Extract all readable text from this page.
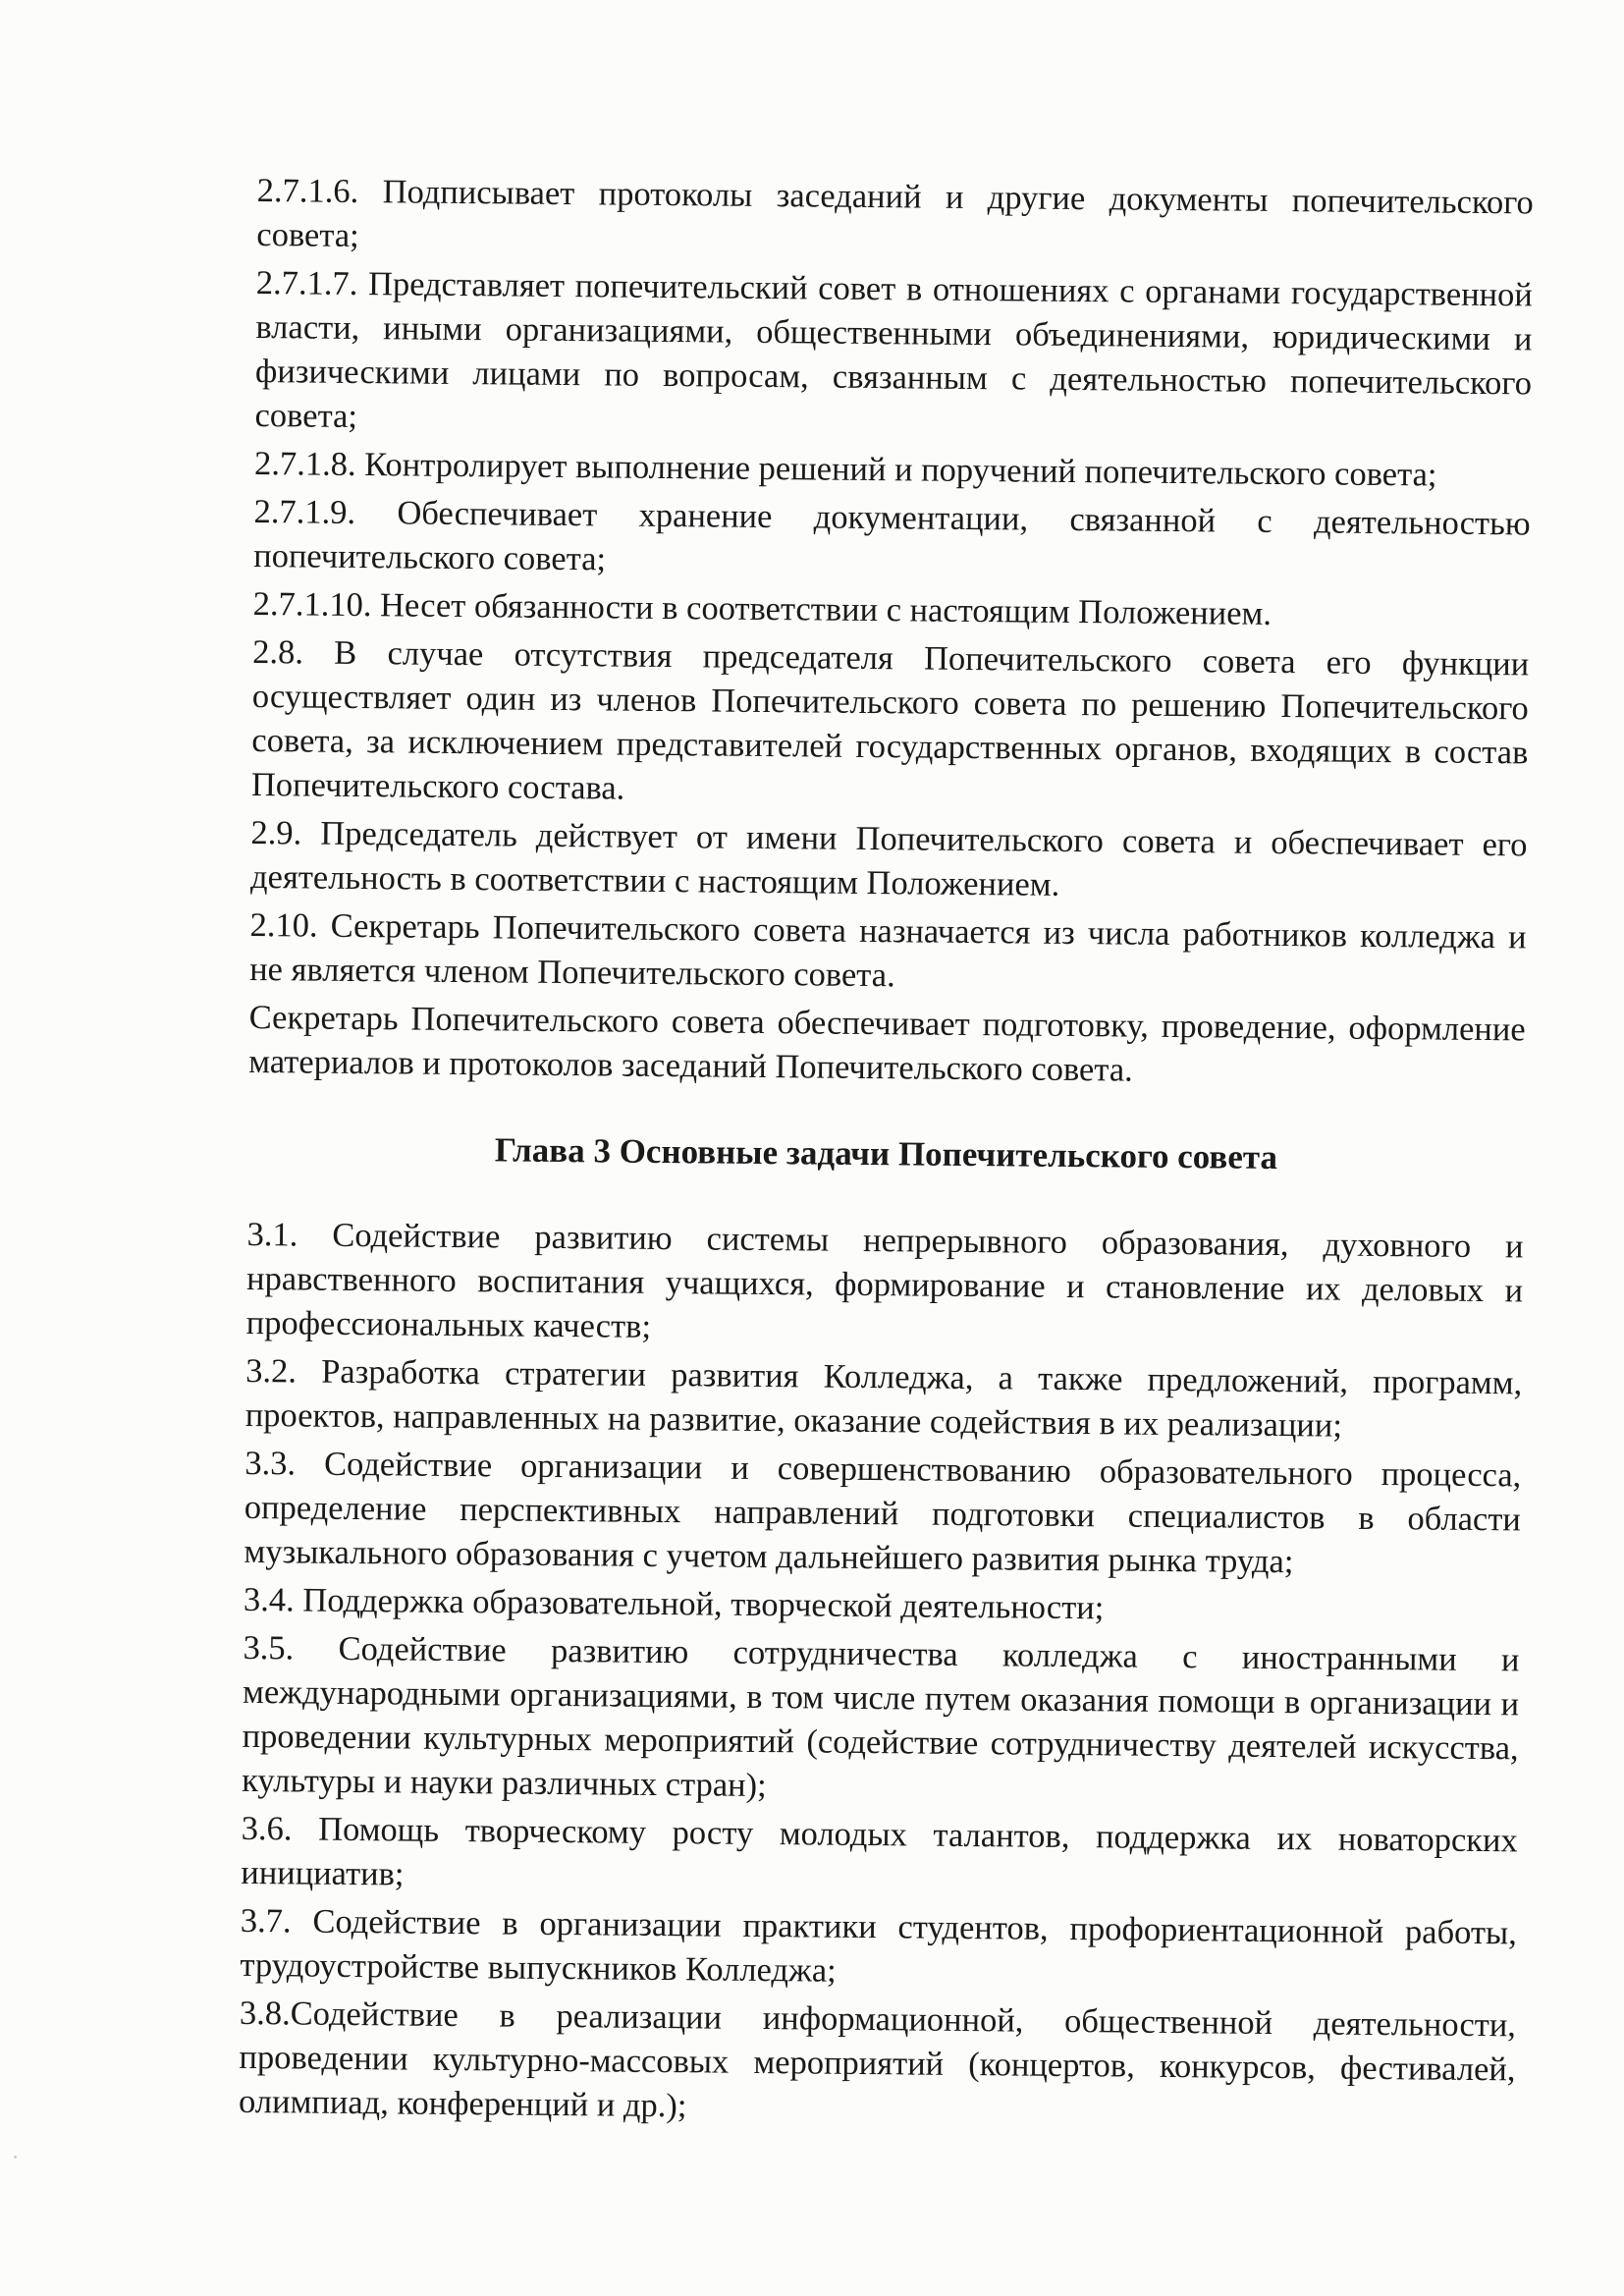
2.7.1.6. Подписывает протоколы заседаний и другие документы попечительского совета;

2.7.1.7. Представляет попечительский совет в отношениях с органами государственной власти, иными организациями, общественными объединениями, юридическими и физическими лицами по вопросам, связанным с деятельностью попечительского совета;

2.7.1.8. Контролирует выполнение решений и поручений попечительского совета;

2.7.1.9. Обеспечивает хранение документации, связанной с деятельностью попечительского совета;

2.7.1.10. Несет обязанности в соответствии с настоящим Положением.

2.8. В случае отсутствия председателя Попечительского совета его функции осуществляет один из членов Попечительского совета по решению Попечительского совета, за исключением представителей государственных органов, входящих в состав Попечительского состава.

2.9. Председатель действует от имени Попечительского совета и обеспечивает его деятельность в соответствии с настоящим Положением.

2.10. Секретарь Попечительского совета назначается из числа работников колледжа и не является членом Попечительского совета.

Секретарь Попечительского совета обеспечивает подготовку, проведение, оформление материалов и протоколов заседаний Попечительского совета.

Глава 3 Основные задачи Попечительского совета

3.1. Содействие развитию системы непрерывного образования, духовного и нравственного воспитания учащихся, формирование и становление их деловых и профессиональных качеств;

3.2. Разработка стратегии развития Колледжа, а также предложений, программ, проектов, направленных на развитие, оказание содействия в их реализации;

3.3. Содействие организации и совершенствованию образовательного процесса, определение перспективных направлений подготовки специалистов в области музыкального образования с учетом дальнейшего развития рынка труда;

3.4. Поддержка образовательной, творческой деятельности;

3.5. Содействие развитию сотрудничества колледжа с иностранными и международными организациями, в том числе путем оказания помощи в организации и проведении культурных мероприятий (содействие сотрудничеству деятелей искусства, культуры и науки различных стран);

3.6. Помощь творческому росту молодых талантов, поддержка их новаторских инициатив;

3.7. Содействие в организации практики студентов, профориентационной работы, трудоустройстве выпускников Колледжа;

3.8.Содействие в реализации информационной, общественной деятельности, проведении культурно-массовых мероприятий (концертов, конкурсов, фестивалей, олимпиад, конференций и др.);
